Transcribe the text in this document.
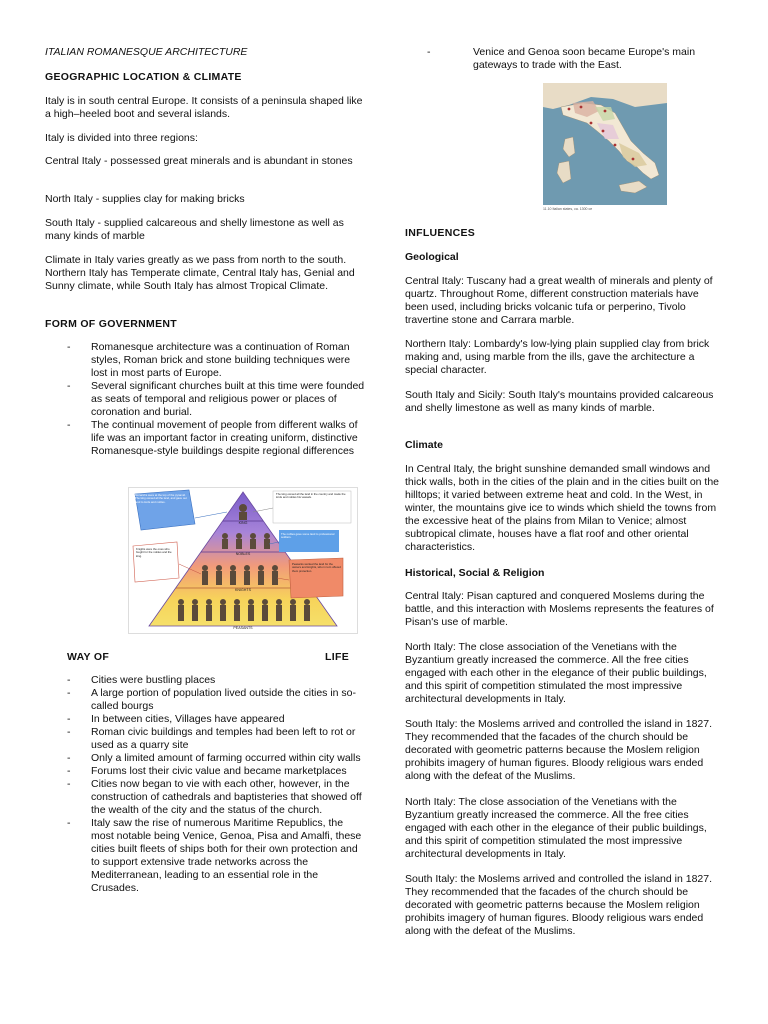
ITALIAN ROMANESQUE ARCHITECTURE

GEOGRAPHIC LOCATION & CLIMATE

Italy is in south central Europe. It consists of a peninsula shaped like a high–heeled boot and several islands.

Italy is divided into three regions:

Central Italy - possessed great minerals and is abundant in stones

North Italy - supplies clay for making bricks

South Italy - supplied calcareous and shelly limestone as well as many kinds of marble

Climate in Italy varies greatly as we pass from north to the south. Northern Italy has Temperate climate, Central Italy has, Genial and Sunny climate, while South Italy has almost Tropical Climate.

FORM OF GOVERNMENT

- Romanesque architecture was a continuation of Roman styles, Roman brick and stone building techniques were lost in most parts of Europe.
- Several significant churches built at this time were founded as seats of temporal and religious power or places of coronation and burial.
- The continual movement of people from different walks of life was an important factor in creating uniform, distinctive Romanesque-style buildings despite regional differences
KING
NOBLES
KNIGHTS
PEASANTS
Monarchs were at the top of the pyramid. The king owned all the land, and gave out land to lords and nobles.
The king owned all the land in the country and made the lords and nobles his vassals.
The nobles gave some land to professional soldiers.
Knights were the ones who fought for the nobles and the king.
Peasants worked the land for the owners and knights, who in turn offered them protection.
WAY OF	LIFE
- Cities were bustling places
- A large portion of population lived outside the cities in so-called bourgs
- In between cities, Villages have appeared
- Roman civic buildings and temples had been left to rot or used as a quarry site
- Only a limited amount of farming occurred within city walls
- Forums lost their civic value and became marketplaces
- Cities now began to vie with each other, however, in the construction of cathedrals and baptisteries that showed off the wealth of the city and the status of the church.
- Italy saw the rise of numerous Maritime Republics, the most notable being Venice, Genoa, Pisa and Amalfi, these cities built fleets of ships both for their own protection and to support extensive trade networks across the Mediterranean, leading to an essential role in the Crusades.
- Venice and Genoa soon became Europe's main gateways to trade with the East.
11.10 Italian states, ca. 1300 ce

INFLUENCES

Geological

Central Italy: Tuscany had a great wealth of minerals and plenty of quartz. Throughout Rome, different construction materials have been used, including bricks volcanic tufa or perperino, Tivolo travertine stone and Carrara marble.

Northern Italy: Lombardy's low-lying plain supplied clay from brick making and, using marble from the ills, gave the architecture a special character.

South Italy and Sicily: South Italy's mountains provided calcareous and shelly limestone as well as many kinds of marble.

Climate

In Central Italy, the bright sunshine demanded small windows and thick walls, both in the cities of the plain and in the cities built on the hilltops; it varied between extreme heat and cold. In the West, in winter, the mountains give ice to winds which shield the towns from the excessive heat of the plains from Milan to Venice; almost subtropical climate, houses have a flat roof and other oriental characteristics.

Historical, Social & Religion

Central Italy: Pisan captured and conquered Moslems during the battle, and this interaction with Moslems represents the features of Pisan's use of marble.

North Italy: The close association of the Venetians with the Byzantium greatly increased the commerce. All the free cities engaged with each other in the elegance of their public buildings, and this spirit of competition stimulated the most impressive architectural developments in Italy.

South Italy: the Moslems arrived and controlled the island in 1827. They recommended that the facades of the church should be decorated with geometric patterns because the Moslem religion prohibits imagery of human figures. Bloody religious wars ended along with the defeat of the Muslims.

North Italy: The close association of the Venetians with the Byzantium greatly increased the commerce. All the free cities engaged with each other in the elegance of their public buildings, and this spirit of competition stimulated the most impressive architectural developments in Italy.

South Italy: the Moslems arrived and controlled the island in 1827. They recommended that the facades of the church should be decorated with geometric patterns because the Moslem religion prohibits imagery of human figures. Bloody religious wars ended along with the defeat of the Muslims.
